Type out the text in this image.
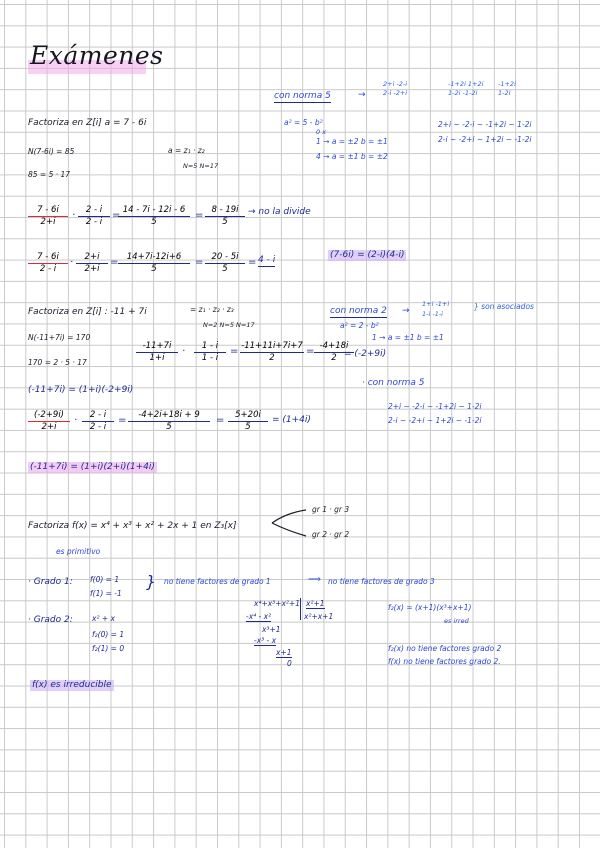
Exámenes
con norma 5	→
2+i -2-i
2-i -2+i
-1+2i 1+2i
1-2i -1-2i
-1+2i
1-2i
a² = 5 - b²
0 x
1 → a = ±2 b = ±1
4 → a = ±1 b = ±2
2+i ~ -2-i ~ -1+2i ~ 1-2i
2-i ~ -2+i ~ 1+2i ~ -1-2i
Factoriza en Z[i] a = 7 - 6i
N(7-6i) = 85
85 = 5 · 17
a = z₁ · z₂
N=5 N=17
$\frac{7 - 6i}{2+i} \cdot \frac{2 - i}{2 - i}$ =
$\frac{14 - 7i - 12i - 6}{5} = \frac{8 - 19i}{5}$ → no la divide
$\frac{7 - 6i}{2 - i} \cdot \frac{2+i}{2+i} = \frac{14+7i-12i+6}{5} = \frac{20 - 5i}{5} = 4 - i$	(7-6i) = (2-i)(4-i)
Factoriza en Z[i] : -11 + 7i	= z₁ · z₂ · z₃
N=2 N=5 N=17
N(-11+7i) = 170
170 = 2 · 5 · 17	$\frac{-11+7i}{1+i} \cdot \frac{1 - i}{1 - i} = \frac{-11+11i+7i+7}{2} = \frac{-4+18i}{2}$
= (-2+9i)
con norma 2 →
1+i -1+i
1-i -1-i
} son asociados
a² = 2 - b²
1 → a = ±1 b = ±1
· con norma 5
2+i ~ -2-i ~ -1+2i ~ 1-2i
2-i ~ -2+i ~ 1+2i ~ -1-2i
(-11+7i) = (1+i)(-2+9i)
$\frac{(-2+9i)}{2+i} \cdot \frac{2 - i}{2 - i} = \frac{-4+2i+18i + 9}{5} = \frac{5+20i}{5} = (1+4i)$
(-11+7i) = (1+i)(2+i)(1+4i)
Factoriza f(x) = x⁴ + x³ + x² + 2x + 1 en Z₃[x]
gr 1 · gr 3
gr 2 · gr 2
es primitivo
· Grado 1: f(0) = 1
f(1) = -1
} no tiene factores de grado 1	⟹ no tiene factores de grado 3
· Grado 2:	x² + x
f₂(0) = 1
f₂(1) = 0
x⁴+x³+x²+1 x²+1
x²+x+1
-x⁴ - x²
x³+1
-x³ - x
x+1
0
f₂(x) = (x+1)(x³+x+1)
es irred
f₂(x) no tiene factores grado 2
f(x) no tiene factores grado 2.
f(x) es irreducible
